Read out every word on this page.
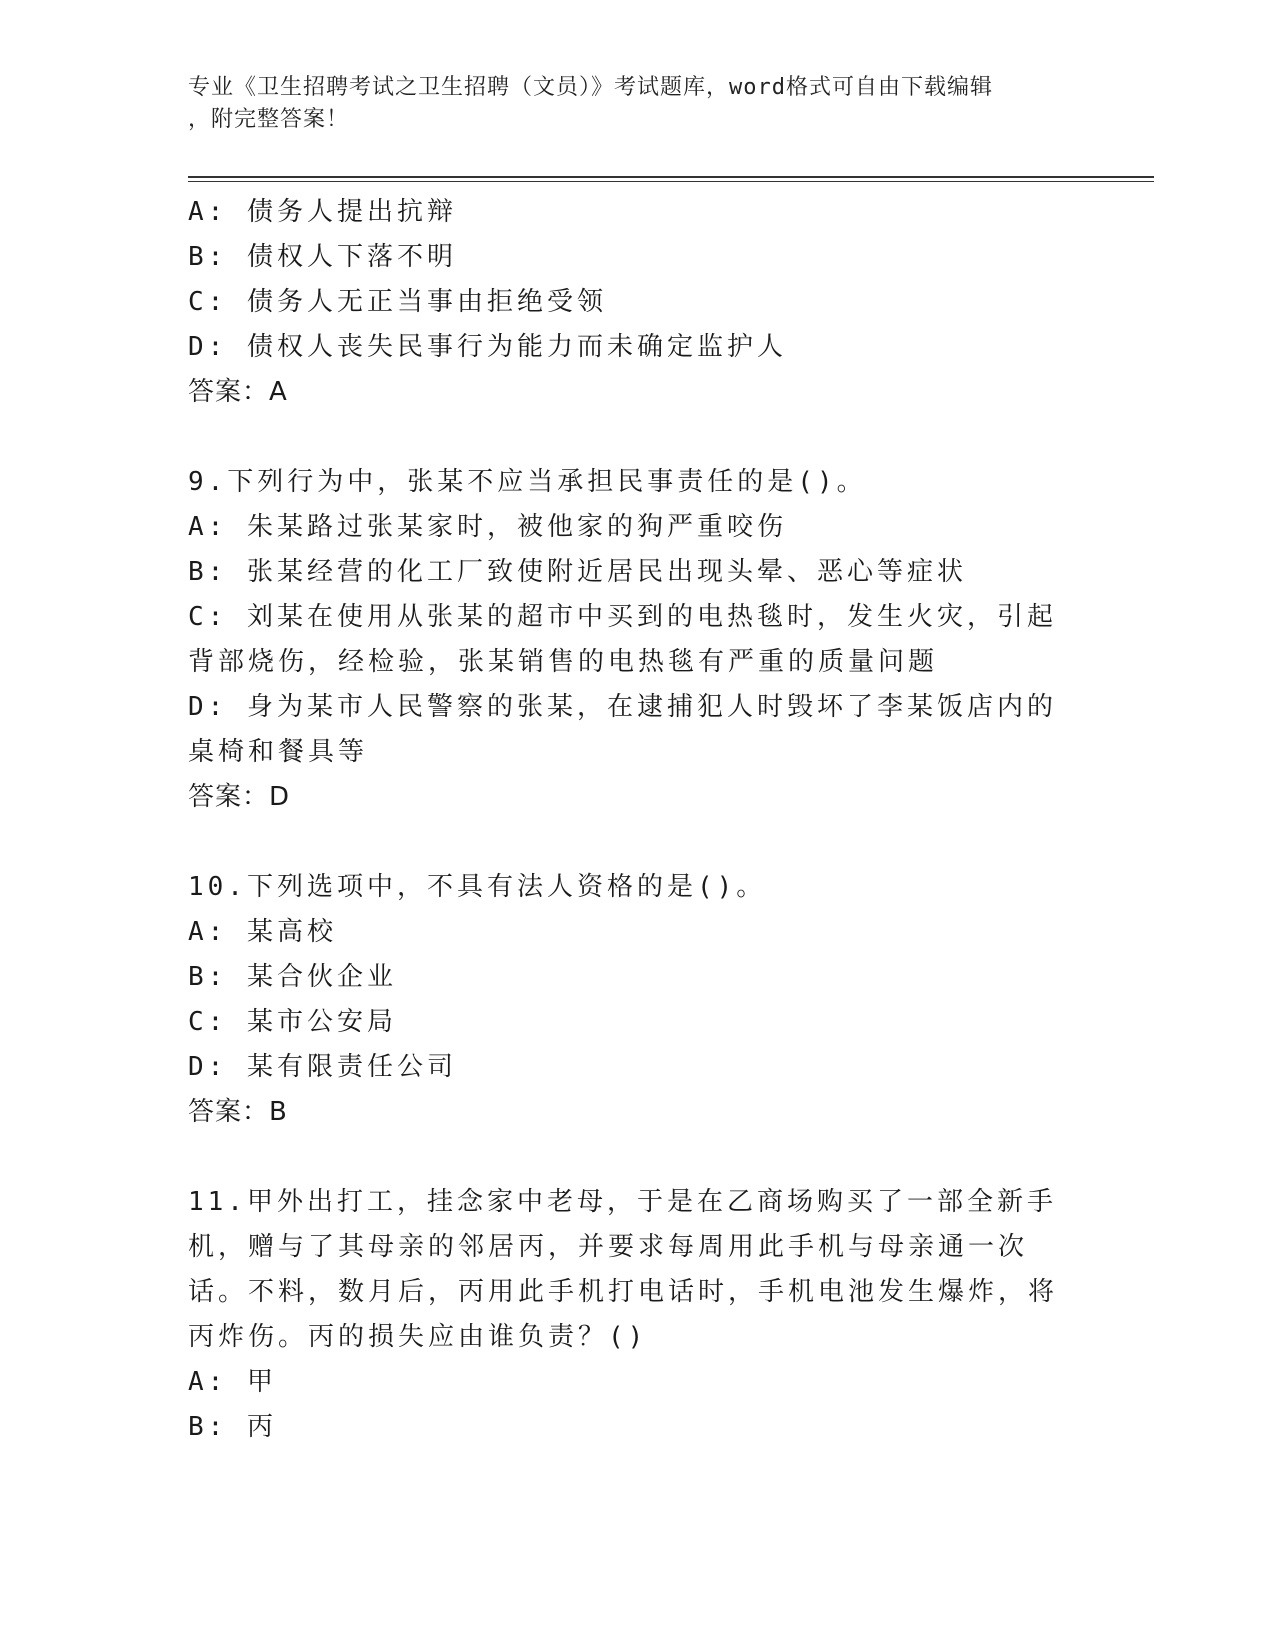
专业《卫生招聘考试之卫生招聘（文员）》考试题库，word格式可自由下载编辑
，附完整答案！

A: 债务人提出抗辩

B: 债权人下落不明

C: 债务人无正当事由拒绝受领

D: 债权人丧失民事行为能力而未确定监护人

答案：A

9.下列行为中，张某不应当承担民事责任的是()。

A: 朱某路过张某家时，被他家的狗严重咬伤

B: 张某经营的化工厂致使附近居民出现头晕、恶心等症状

C: 刘某在使用从张某的超市中买到的电热毯时，发生火灾，引起背部烧伤，经检验，张某销售的电热毯有严重的质量问题

D: 身为某市人民警察的张某，在逮捕犯人时毁坏了李某饭店内的桌椅和餐具等

答案：D

10.下列选项中，不具有法人资格的是()。

A: 某高校

B: 某合伙企业

C: 某市公安局

D: 某有限责任公司

答案：B

11.甲外出打工，挂念家中老母，于是在乙商场购买了一部全新手机，赠与了其母亲的邻居丙，并要求每周用此手机与母亲通一次话。不料，数月后，丙用此手机打电话时，手机电池发生爆炸，将丙炸伤。丙的损失应由谁负责？()

A: 甲

B: 丙
